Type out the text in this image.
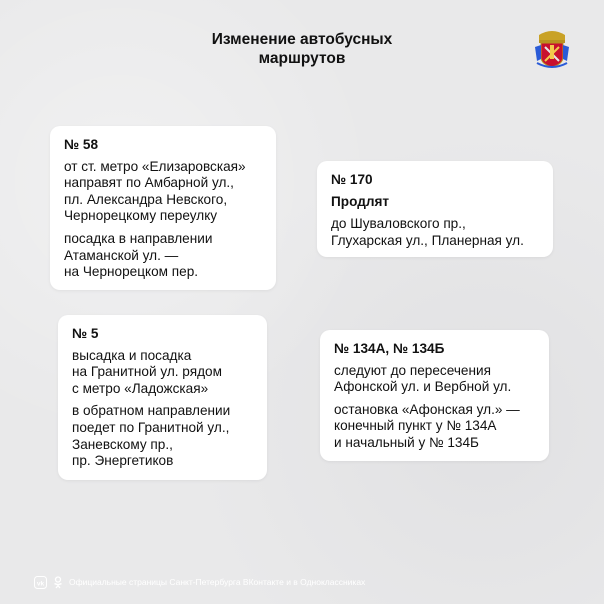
Изменение автобусных
маршрутов
№ 58
от ст. метро «Елизаровская»
направят по Амбарной ул.,
пл. Александра Невского,
Чернорецкому переулку
посадка в направлении
Атаманской ул. —
на Чернорецком пер.
№ 170
Продлят
до Шуваловского пр.,
Глухарская ул., Планерная ул.
№ 5
высадка и посадка
на Гранитной ул. рядом
с метро «Ладожская»
в обратном направлении
поедет по Гранитной ул.,
Заневскому пр.,
пр. Энергетиков
№ 134А, № 134Б
следуют до пересечения
Афонской ул. и Вербной ул.
остановка «Афонская ул.» —
конечный пункт у № 134А
и начальный у № 134Б
vk	Официальные страницы Санкт-Петербурга ВКонтакте и в Одноклассниках
